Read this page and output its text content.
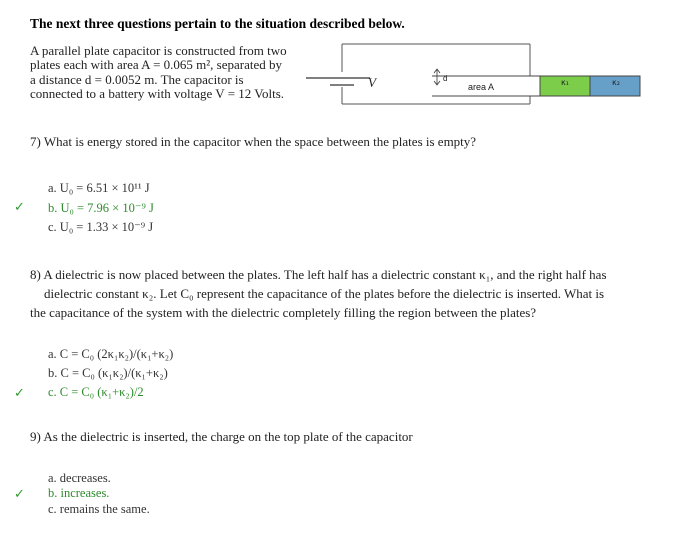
The next three questions pertain to the situation described below.
A parallel plate capacitor is constructed from two
plates each with area A = 0.065 m², separated by
a distance d = 0.0052 m. The capacitor is
connected to a battery with voltage V = 12 Volts.
V	d
area A	κ₁	κ₂
7) What is energy stored in the capacitor when the space between the plates is empty?
a. U₀ = 6.51 × 10¹¹ J
✓ b. U₀ = 7.96 × 10⁻⁹ J
c. U₀ = 1.33 × 10⁻⁹ J
8) A dielectric is now placed between the plates. The left half has a dielectric constant κ₁, and the right half has
dielectric constant κ₂. Let C₀ represent the capacitance of the plates before the dielectric is inserted. What is
the capacitance of the system with the dielectric completely filling the region between the plates?
a. C = C₀ (2κ₁κ₂)/(κ₁+κ₂)
b. C = C₀ (κ₁κ₂)/(κ₁+κ₂)
✓ c. C = C₀ (κ₁+κ₂)/2
9) As the dielectric is inserted, the charge on the top plate of the capacitor
a. decreases.
✓ b. increases.
c. remains the same.
